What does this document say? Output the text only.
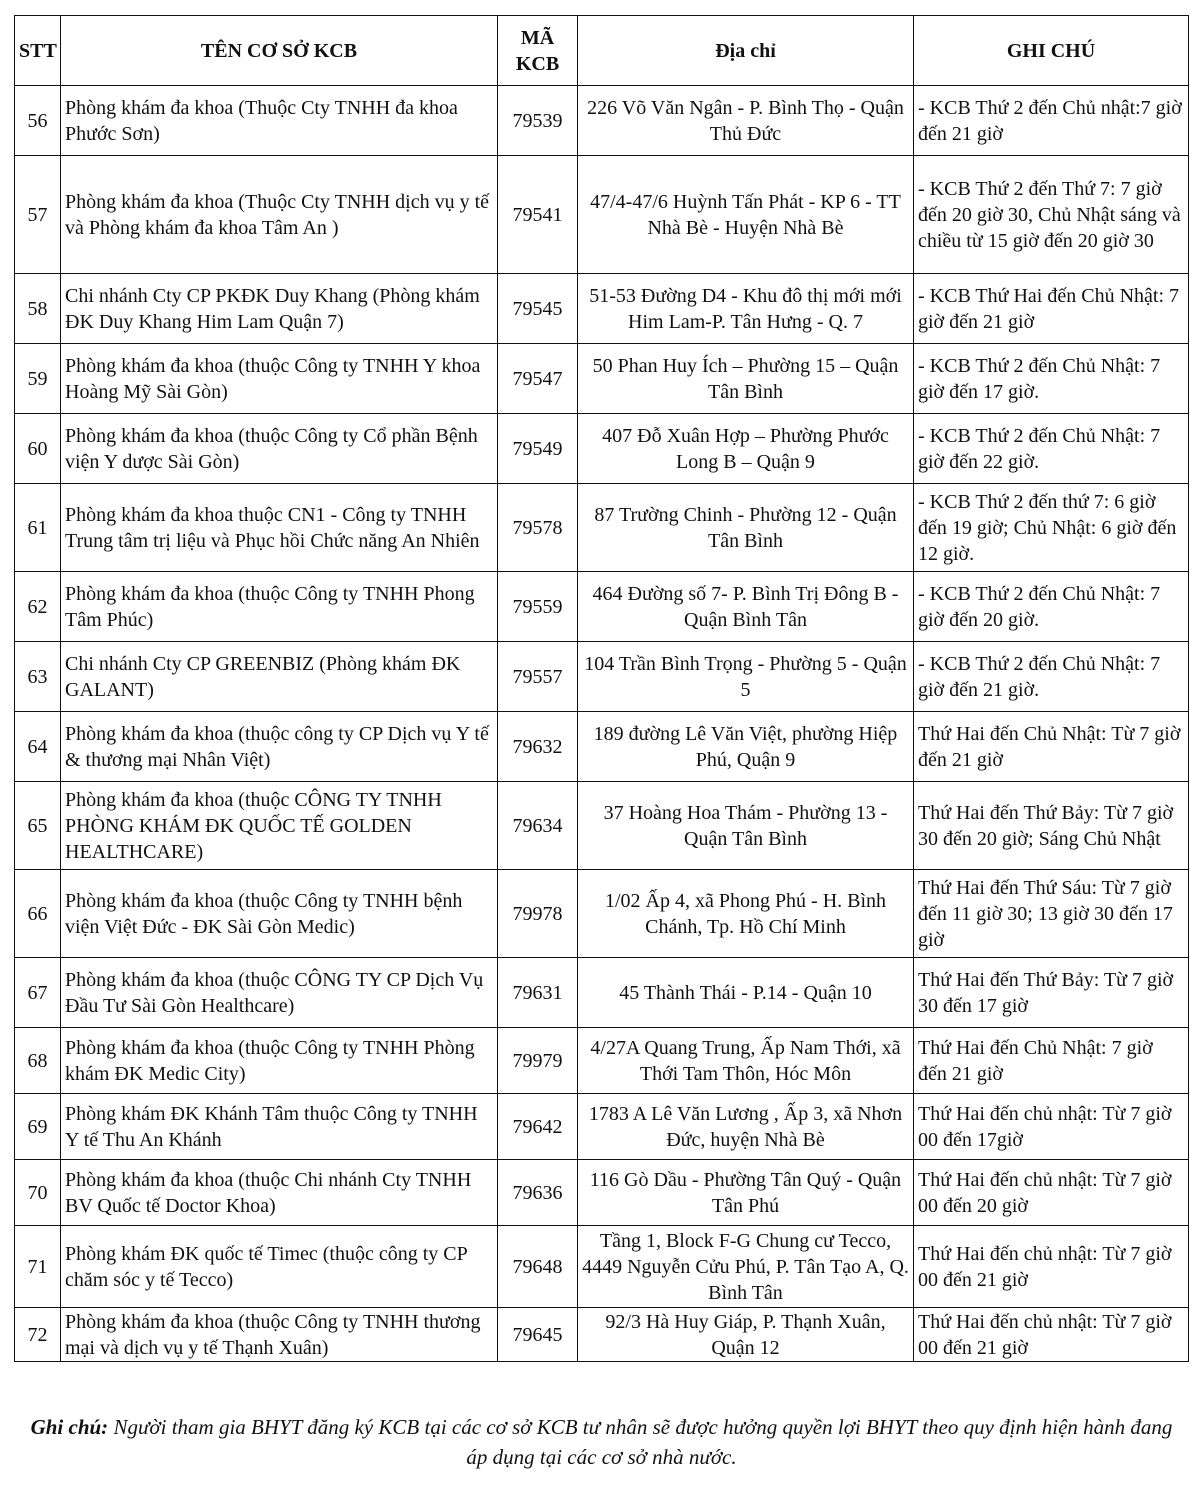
STT	TÊN CƠ SỞ KCB	MÃ KCB	Địa chỉ	GHI CHÚ
56	Phòng khám đa khoa (Thuộc Cty TNHH đa khoa Phước Sơn)	79539	226 Võ Văn Ngân - P. Bình Thọ - Quận Thủ Đức	- KCB Thứ 2 đến Chủ nhật:7 giờ đến 21 giờ
57	Phòng khám đa khoa (Thuộc Cty TNHH dịch vụ y tế và Phòng khám đa khoa Tâm An )	79541	47/4-47/6 Huỳnh Tấn Phát - KP 6 - TT Nhà Bè - Huyện Nhà Bè	- KCB Thứ 2 đến Thứ 7: 7 giờ đến 20 giờ 30, Chủ Nhật sáng và chiều từ 15 giờ đến 20 giờ 30
58	Chi nhánh Cty CP PKĐK Duy Khang (Phòng khám ĐK Duy Khang Him Lam Quận 7)	79545	51-53 Đường D4 - Khu đô thị mới mới Him Lam-P. Tân Hưng - Q. 7	- KCB Thứ Hai đến Chủ Nhật: 7 giờ đến 21 giờ
59	Phòng khám đa khoa (thuộc Công ty TNHH Y khoa Hoàng Mỹ Sài Gòn)	79547	50 Phan Huy Ích – Phường 15 – Quận Tân Bình	- KCB Thứ 2 đến Chủ Nhật: 7 giờ đến 17 giờ.
60	Phòng khám đa khoa (thuộc Công ty Cổ phần Bệnh viện Y dược Sài Gòn)	79549	407 Đỗ Xuân Hợp – Phường Phước Long B – Quận 9	- KCB Thứ 2 đến Chủ Nhật: 7 giờ đến 22 giờ.
61	Phòng khám đa khoa thuộc CN1 - Công ty TNHH Trung tâm trị liệu và Phục hồi Chức năng An Nhiên	79578	87 Trường Chinh - Phường 12 - Quận Tân Bình	- KCB Thứ 2 đến thứ 7: 6 giờ đến 19 giờ; Chủ Nhật: 6 giờ đến 12 giờ.
62	Phòng khám đa khoa (thuộc Công ty TNHH Phong Tâm Phúc)	79559	464 Đường số 7- P. Bình Trị Đông B - Quận Bình Tân	- KCB Thứ 2 đến Chủ Nhật: 7 giờ đến 20 giờ.
63	Chi nhánh Cty CP GREENBIZ (Phòng khám ĐK GALANT)	79557	104 Trần Bình Trọng - Phường 5 - Quận 5	- KCB Thứ 2 đến Chủ Nhật: 7 giờ đến 21 giờ.
64	Phòng khám đa khoa (thuộc công ty CP Dịch vụ Y tế & thương mại Nhân Việt)	79632	189 đường Lê Văn Việt, phường Hiệp Phú, Quận 9	Thứ Hai đến Chủ Nhật: Từ 7 giờ đến 21 giờ
65	Phòng khám đa khoa (thuộc CÔNG TY TNHH PHÒNG KHÁM ĐK QUỐC TẾ GOLDEN HEALTHCARE)	79634	37 Hoàng Hoa Thám - Phường 13 - Quận Tân Bình	Thứ Hai đến Thứ Bảy: Từ 7 giờ 30 đến 20 giờ; Sáng Chủ Nhật
66	Phòng khám đa khoa (thuộc Công ty TNHH bệnh viện Việt Đức - ĐK Sài Gòn Medic)	79978	1/02 Ấp 4, xã Phong Phú - H. Bình Chánh, Tp. Hồ Chí Minh	Thứ Hai đến Thứ Sáu: Từ 7 giờ đến 11 giờ 30; 13 giờ 30 đến 17 giờ
67	Phòng khám đa khoa (thuộc CÔNG TY CP Dịch Vụ Đầu Tư Sài Gòn Healthcare)	79631	45 Thành Thái - P.14 - Quận 10	Thứ Hai đến Thứ Bảy: Từ 7 giờ 30 đến 17 giờ
68	Phòng khám đa khoa (thuộc Công ty TNHH Phòng khám ĐK Medic City)	79979	4/27A Quang Trung, Ấp Nam Thới, xã Thới Tam Thôn, Hóc Môn	Thứ Hai đến Chủ Nhật: 7 giờ đến 21 giờ
69	Phòng khám ĐK Khánh Tâm thuộc Công ty TNHH Y tế Thu An Khánh	79642	1783 A Lê Văn Lương , Ấp 3, xã Nhơn Đức, huyện Nhà Bè	Thứ Hai đến chủ nhật: Từ 7 giờ 00 đến 17giờ
70	Phòng khám đa khoa (thuộc Chi nhánh Cty TNHH BV Quốc tế Doctor Khoa)	79636	116 Gò Dầu - Phường Tân Quý - Quận Tân Phú	Thứ Hai đến chủ nhật: Từ 7 giờ 00 đến 20 giờ
71	Phòng khám ĐK quốc tế Timec (thuộc công ty CP chăm sóc y tế Tecco)	79648	Tầng 1, Block F-G Chung cư Tecco, 4449 Nguyễn Cửu Phú, P. Tân Tạo A, Q. Bình Tân	Thứ Hai đến chủ nhật: Từ 7 giờ 00 đến 21 giờ
72	Phòng khám đa khoa (thuộc Công ty TNHH thương mại và dịch vụ y tế Thạnh Xuân)	79645	92/3 Hà Huy Giáp, P. Thạnh Xuân, Quận 12	Thứ Hai đến chủ nhật: Từ 7 giờ 00 đến 21 giờ
Ghi chú: Người tham gia BHYT đăng ký KCB tại các cơ sở KCB tư nhân sẽ được hưởng quyền lợi BHYT theo quy định hiện hành đang áp dụng tại các cơ sở nhà nước.
